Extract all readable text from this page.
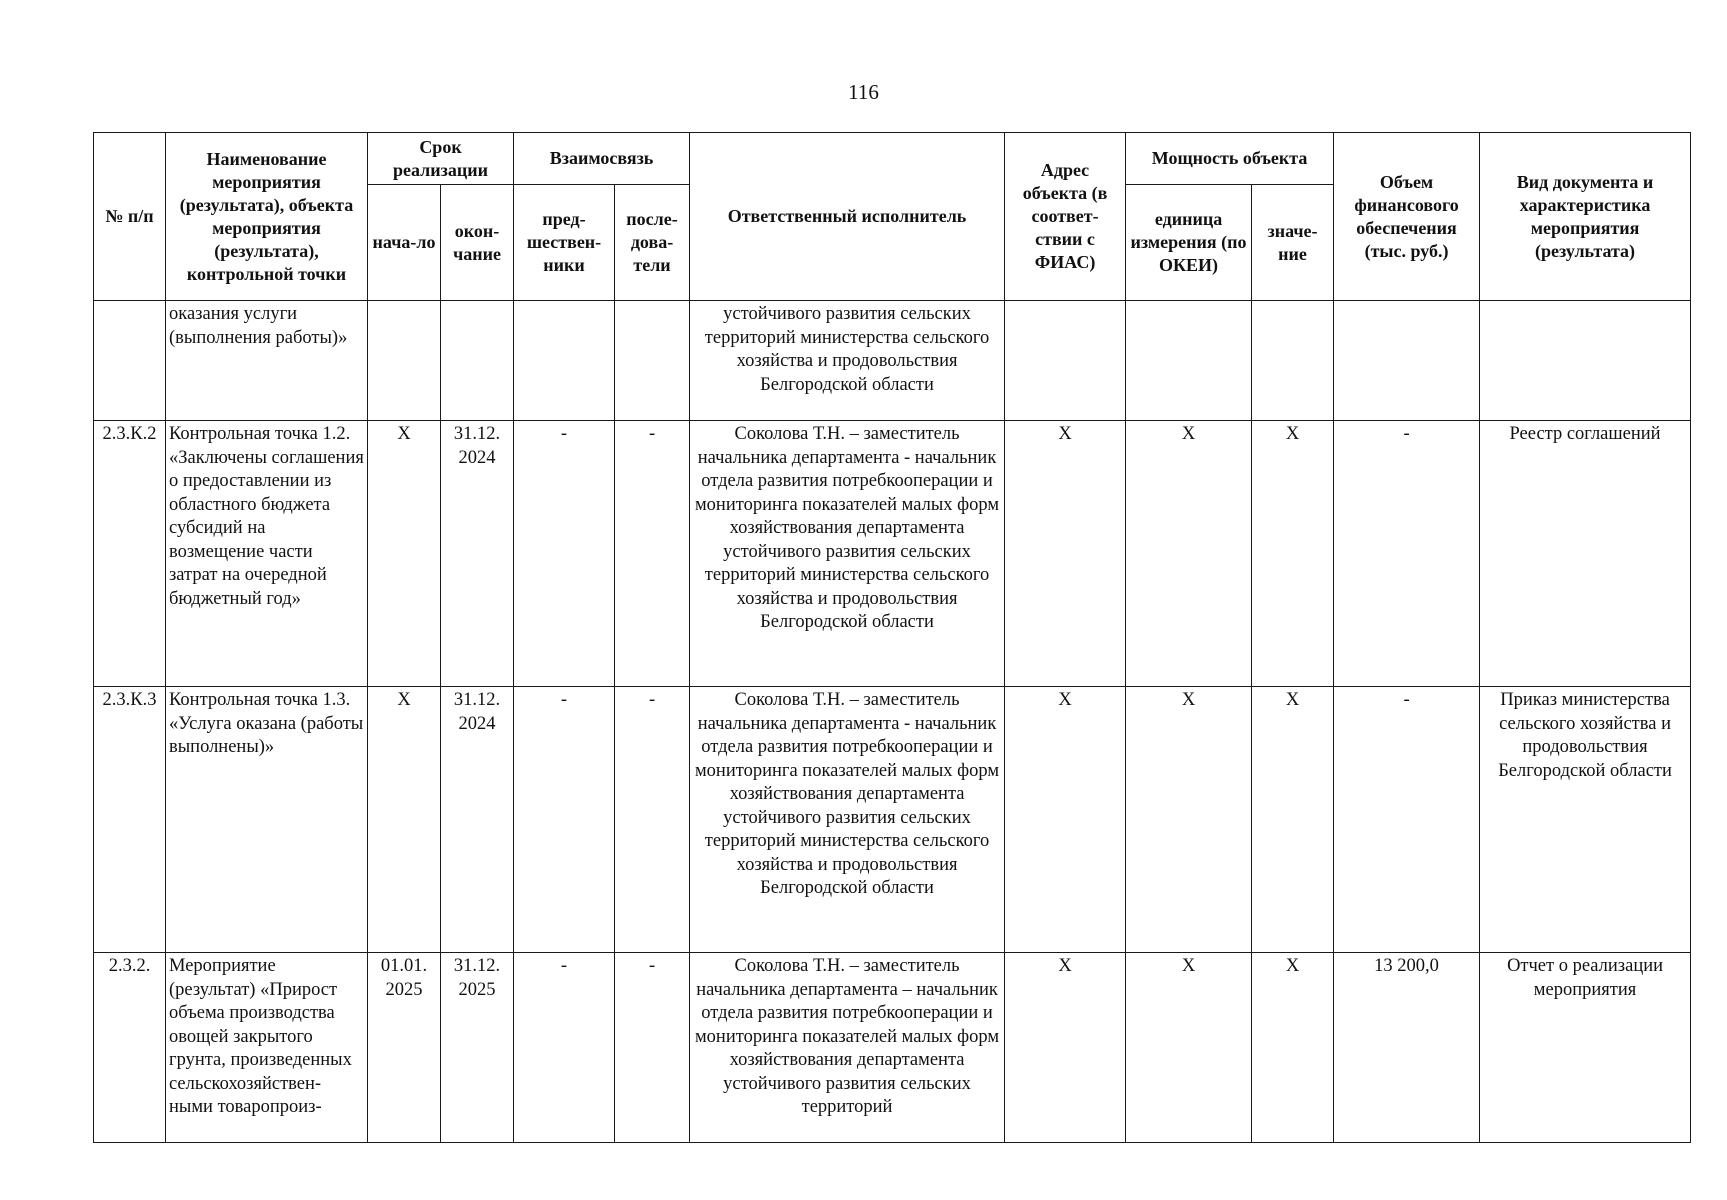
116
№ п/п	Наименование мероприятия (результата), объекта мероприятия (результата), контрольной точки	Срок реализации		Взаимосвязь		Ответственный исполнитель	Адрес объекта (в соответ-ствии с ФИАС)	Мощность объекта		Объем финансового обеспечения (тыс. руб.)	Вид документа и характеристика мероприятия (результата)
		нача-ло	окон-чание	пред-шествен-ники	после-дова-тели			единица измерения (по ОКЕИ)	значе-ние		
	оказания услуги (выполнения работы)»					устойчивого развития сельских территорий министерства сельского хозяйства и продовольствия Белгородской области					
2.3.К.2	Контрольная точка 1.2. «Заключены соглашения о предоставлении из областного бюджета субсидий на возмещение части затрат на очередной бюджетный год»	Х	31.12. 2024	-	-	Соколова Т.Н. – заместитель начальника департамента - начальник отдела развития потребкооперации и мониторинга показателей малых форм хозяйствования департамента устойчивого развития сельских территорий министерства сельского хозяйства и продовольствия Белгородской области	Х	Х	Х	-	Реестр соглашений
2.3.К.3	Контрольная точка 1.3. «Услуга оказана (работы выполнены)»	Х	31.12. 2024	-	-	Соколова Т.Н. – заместитель начальника департамента - начальник отдела развития потребкооперации и мониторинга показателей малых форм хозяйствования департамента устойчивого развития сельских территорий министерства сельского хозяйства и продовольствия Белгородской области	Х	Х	Х	-	Приказ министерства сельского хозяйства и продовольствия Белгородской области
2.3.2.	Мероприятие (результат) «Прирост объема производства овощей закрытого грунта, произведенных сельскохозяйствен-ными товаропроиз-	01.01. 2025	31.12. 2025	-	-	Соколова Т.Н. – заместитель начальника департамента – начальник отдела развития потребкооперации и мониторинга показателей малых форм хозяйствования департамента устойчивого развития сельских территорий	Х	Х	Х	13 200,0	Отчет о реализации мероприятия
